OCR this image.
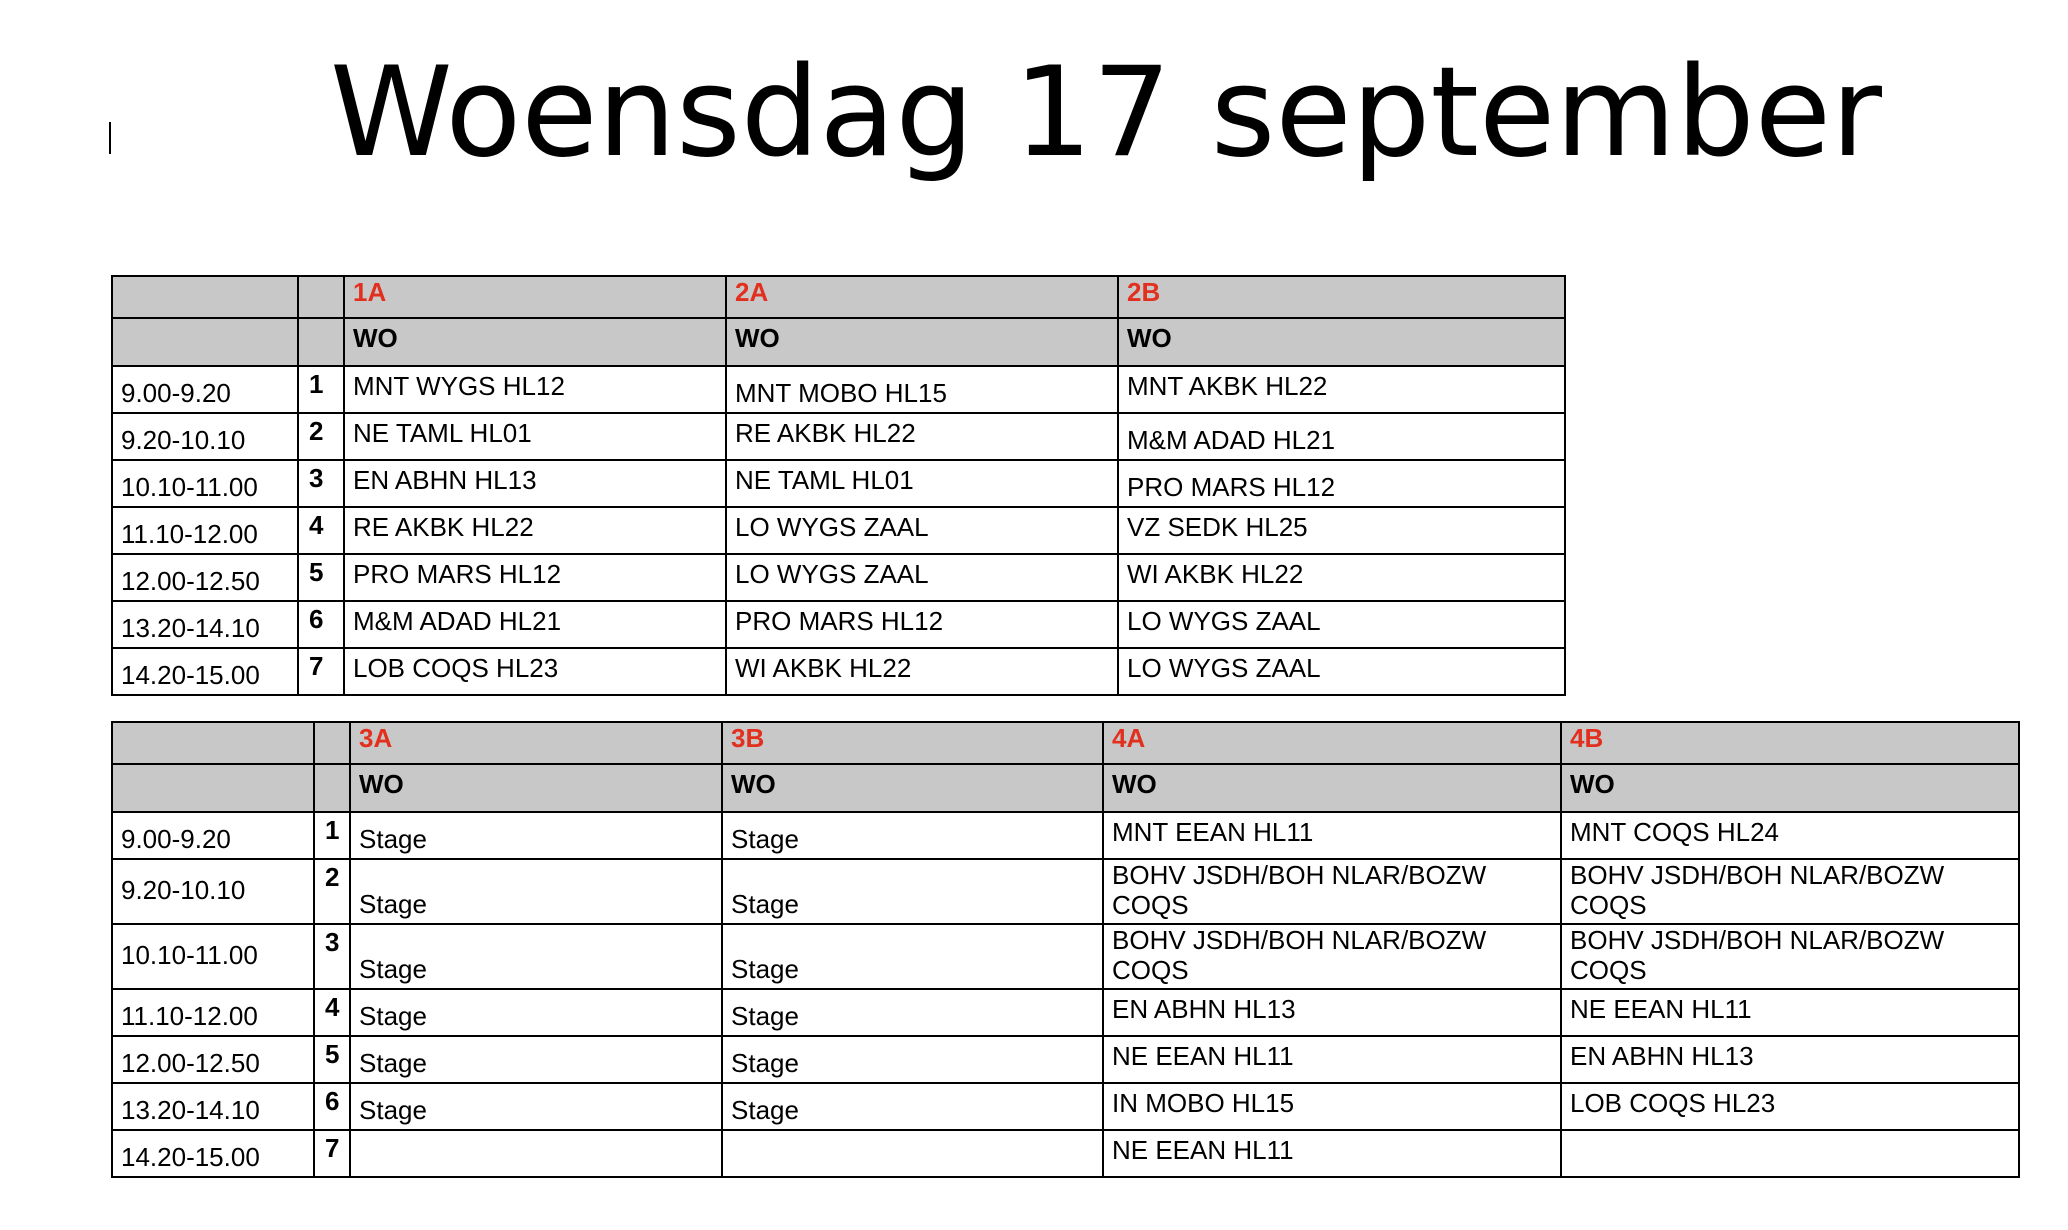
Woensdag 17 september
		1A	2A	2B
		WO	WO	WO
9.00-9.20	1	MNT WYGS HL12	MNT MOBO HL15	MNT AKBK HL22
9.20-10.10	2	NE TAML HL01	RE AKBK HL22	M&M ADAD HL21
10.10-11.00	3	EN ABHN HL13	NE TAML HL01	PRO MARS HL12
11.10-12.00	4	RE AKBK HL22	LO WYGS ZAAL	VZ SEDK HL25
12.00-12.50	5	PRO MARS HL12	LO WYGS ZAAL	WI AKBK HL22
13.20-14.10	6	M&M ADAD HL21	PRO MARS HL12	LO WYGS ZAAL
14.20-15.00	7	LOB COQS HL23	WI AKBK HL22	LO WYGS ZAAL
		3A	3B	4A	4B
		WO	WO	WO	WO
9.00-9.20	1	Stage	Stage	MNT EEAN HL11	MNT COQS HL24
9.20-10.10	2	Stage	Stage	BOHV JSDH/BOH NLAR/BOZW COQS	BOHV JSDH/BOH NLAR/BOZW COQS
10.10-11.00	3	Stage	Stage	BOHV JSDH/BOH NLAR/BOZW COQS	BOHV JSDH/BOH NLAR/BOZW COQS
11.10-12.00	4	Stage	Stage	EN ABHN HL13	NE EEAN HL11
12.00-12.50	5	Stage	Stage	NE EEAN HL11	EN ABHN HL13
13.20-14.10	6	Stage	Stage	IN MOBO HL15	LOB COQS HL23
14.20-15.00	7			NE EEAN HL11	
